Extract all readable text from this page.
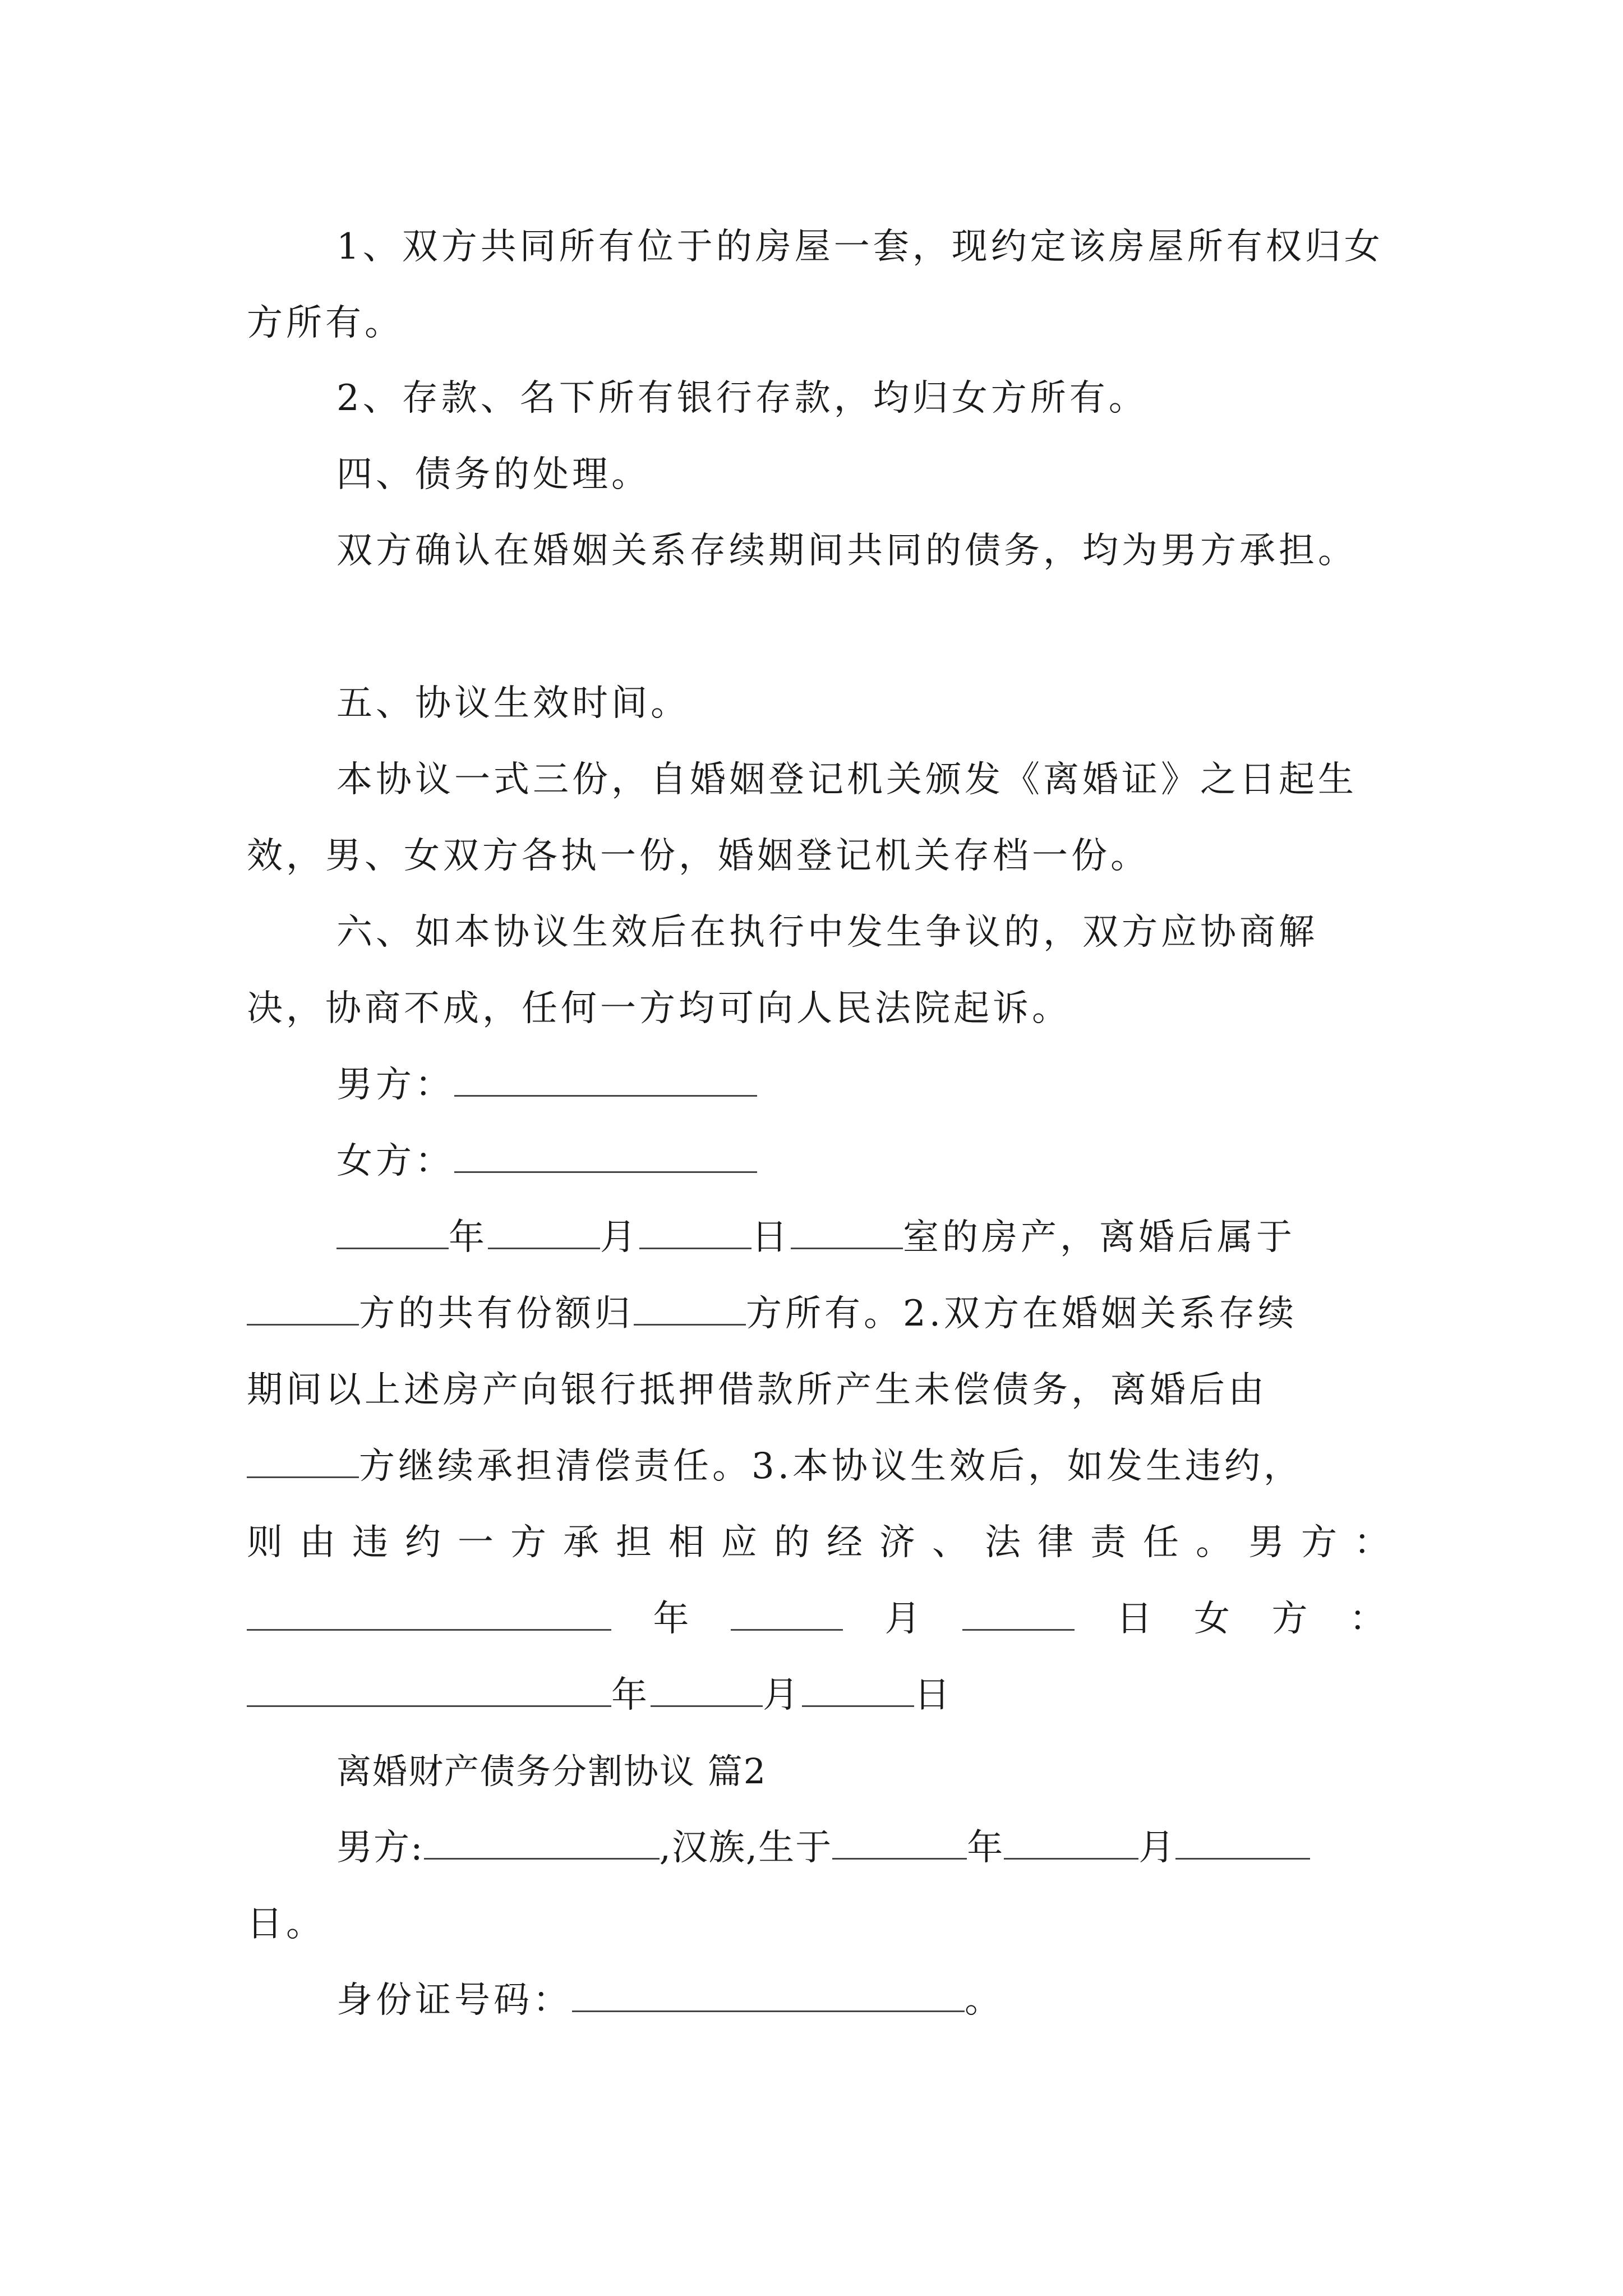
1、双方共同所有位于的房屋一套，现约定该房屋所有权归女方所有。
2、存款、名下所有银行存款，均归女方所有。
四、债务的处理。
双方确认在婚姻关系存续期间共同的债务，均为男方承担。
五、协议生效时间。
本协议一式三份，自婚姻登记机关颁发《离婚证》之日起生效，男、女双方各执一份，婚姻登记机关存档一份。
六、如本协议生效后在执行中发生争议的，双方应协商解决，协商不成，任何一方均可向人民法院起诉。
男方：
女方：
年	月	日	室的房产，离婚后属于
方的共有份额归	方所有。2.双方在婚姻关系存续
期间以上述房产向银行抵押借款所产生未偿债务，离婚后由
方继续承担清偿责任。3.本协议生效后，如发生违约，
则由违约一方承担相应的经济、法律责任。男方：
年	月	日 女 方 ：
年	月	日
离婚财产债务分割协议 篇2
男方:	,汉族,生于	年	月
日。
身份证号码：	。
